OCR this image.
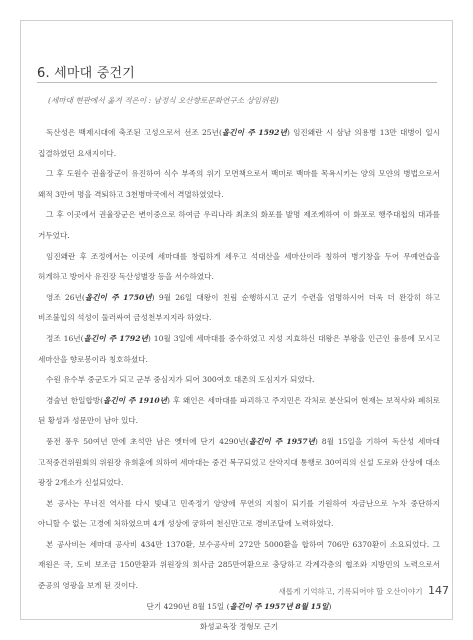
6. 세마대 중건기
(세마대 현판에서 옮겨 적은이 : 남정식 오산향토문화연구소 상임위원)

독산성은 백제시대에 축조된 고성으로서 선조 25년(올긴이 주 1592년) 임진왜란 시 삼남 의용병 13만 대병이 일시 집결하였던 요새지이다.

그 후 도원수 권율장군이 유진하여 식수 부족의 위기 모면책으로서 백미로 백마를 목욕시키는 양의 모얀의 병법으로서 왜적 3만여 명을 격퇴하고 3천병마국에서 격멸하였었다.

그 후 이곳에서 권율장군은 변이중으로 하여금 우리나라 최초의 화포를 발명 제조케하여 이 화포로 행주대첩의 대과를 거두었다.

임진왜란 후 조정에서는 이곳에 세마대를 창립하게 세우고 석대산을 세마산이라 칭하여 병기창을 두어 무예연습을 허게하고 방어사 유진장 독산성별장 등을 서수하였다.

영조 26년(올긴이 주 1750년) 9월 26일 대왕이 친림 순행하시고 군기 수련을 엄명하시어 더욱 더 완강히 하고 비조불입의 석성이 둘러싸여 금성천부지지라 하였다.

정조 16년(올긴이 주 1792년) 10월 3일에 세마대를 중수하였고 지성 지효하신 대왕은 부왕을 인근인 융릉에 모시고 세마산을 향로봉이라 칭호하셨다.

수원 유수부 중군도가 되고 군부 중심지가 되어 300여호 대촌의 도심지가 되었다.

경술년 한일합방(올긴이 주 1910년) 후 왜인은 세마대를 파괴하고 주지민은 각처로 분산되어 현재는 보적사와 폐허로 된 황성과 성문만이 남아 있다.

풍전 풍우 50여년 만에 초석만 남은 옛터에 단기 4290년(올긴이 주 1957년) 8월 15일을 기하여 독산성 세마대 고적중건위원회의 위원장 유희훈에 의하여 세마대는 중건 복구되었고 산악지대 통행로 30여리의 신설 도로와 산상에 대소 광장 2개소가 신설되었다.

본 공사는 무너진 역사를 다시 빛내고 민족정기 앙양에 무연의 지침이 되기를 기원하여 자금난으로 누차 중단하지 아니할 수 없는 고경에 처하였으며 4개 성상에 궁하여 천신만고로 경비조달에 노력하였다.

본 공사비는 세마대 공사비 434만 1370환, 보수공사비 272만 5000환을 합하여 706만 6370환이 소요되었다. 그 재원은 국, 도비 보조금 150만환과 위원장의 희사금 285만여환으로 충당하고 각계각층의 협조와 지방민의 노력으로서 준공의 영광을 보게 된 것이다.

단기 4290년 8월 15일 (올긴이 주 1957년 8월 15일)

화성교육장 정형모 근기

새롭게 기억하고, 기록되어야 할 오산이야기 147
